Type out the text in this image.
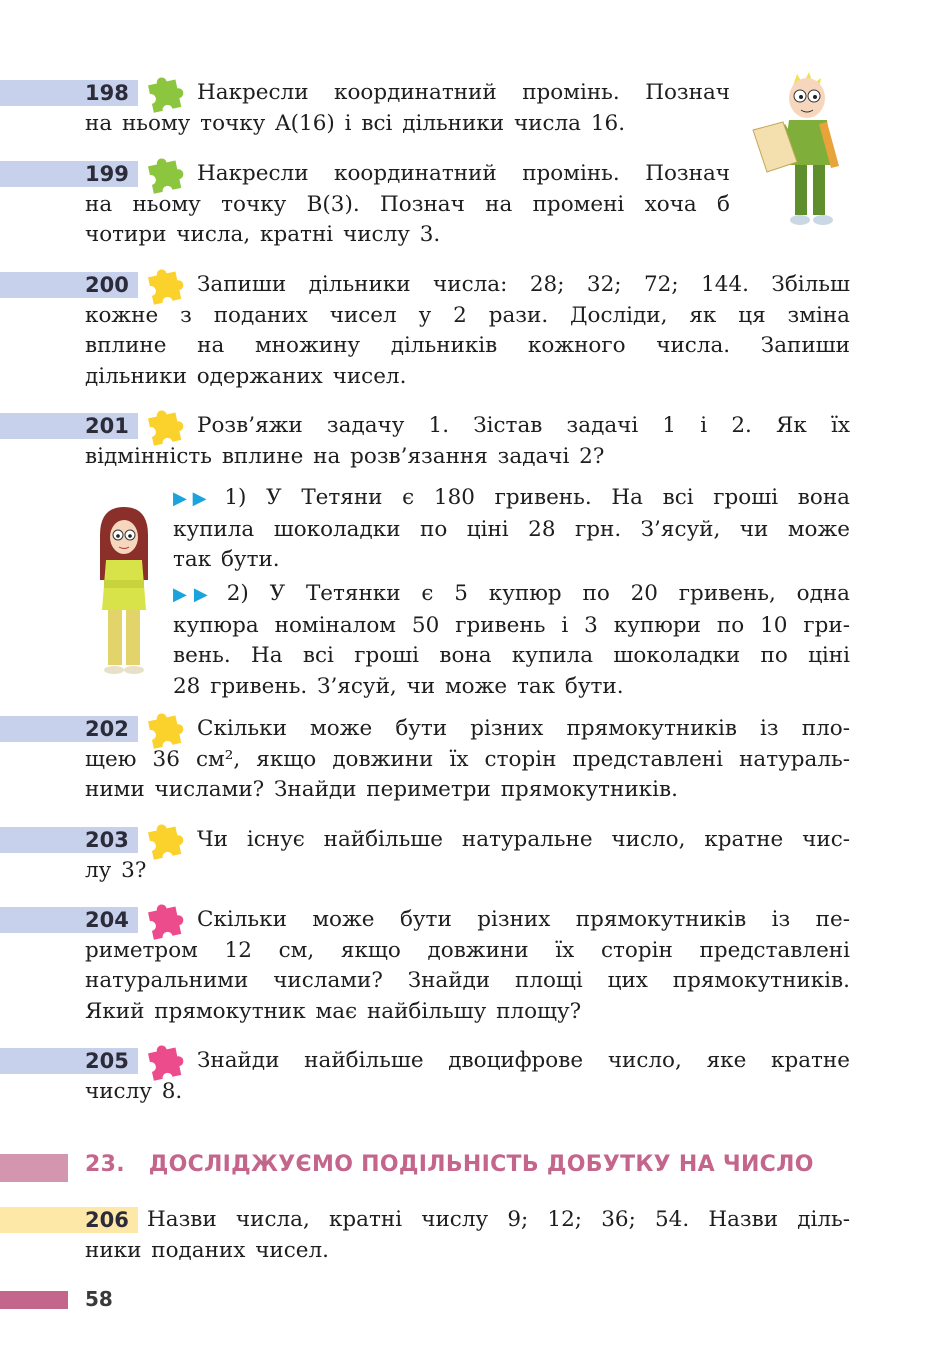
198	Накресли координатний промінь. Познач
на ньому точку A(16) і всі дільники числа 16.
199	Накресли координатний промінь. Познач
на ньому точку B(3). Познач на промені хоча б
чотири числа, кратні числу 3.
200	Запиши дільники числа: 28; 32; 72; 144. Збільш
кожне з поданих чисел у 2 рази. Досліди, як ця зміна
вплине на множину дільників кожного числа. Запиши
дільники одержаних чисел.
201	Розв’яжи задачу 1. Зістав задачі 1 і 2. Як їх
відмінність вплине на розв’язання задачі 2?
▶▶ 1) У Тетяни є 180 гривень. На всі гроші вона
купила шоколадки по ціні 28 грн. З’ясуй, чи може
так бути.
▶▶ 2) У Тетянки є 5 купюр по 20 гривень, одна
купюра номіналом 50 гривень і 3 купюри по 10 гри-
вень. На всі гроші вона купила шоколадки по ціні
28 гривень. З’ясуй, чи може так бути.
202	Скільки може бути різних прямокутників із пло-
щею 36 см², якщо довжини їх сторін представлені натураль-
ними числами? Знайди периметри прямокутників.
203	Чи існує найбільше натуральне число, кратне чис-
лу 3?
204	Скільки може бути різних прямокутників із пе-
риметром 12 см, якщо довжини їх сторін представлені
натуральними числами? Знайди площі цих прямокутників.
Який прямокутник має найбільшу площу?
205	Знайди найбільше двоцифрове число, яке кратне
числу 8.
23. ДОСЛІДЖУЄМО ПОДІЛЬНІСТЬ ДОБУТКУ НА ЧИСЛО
206 Назви числа, кратні числу 9; 12; 36; 54. Назви діль-
ники поданих чисел.
58
